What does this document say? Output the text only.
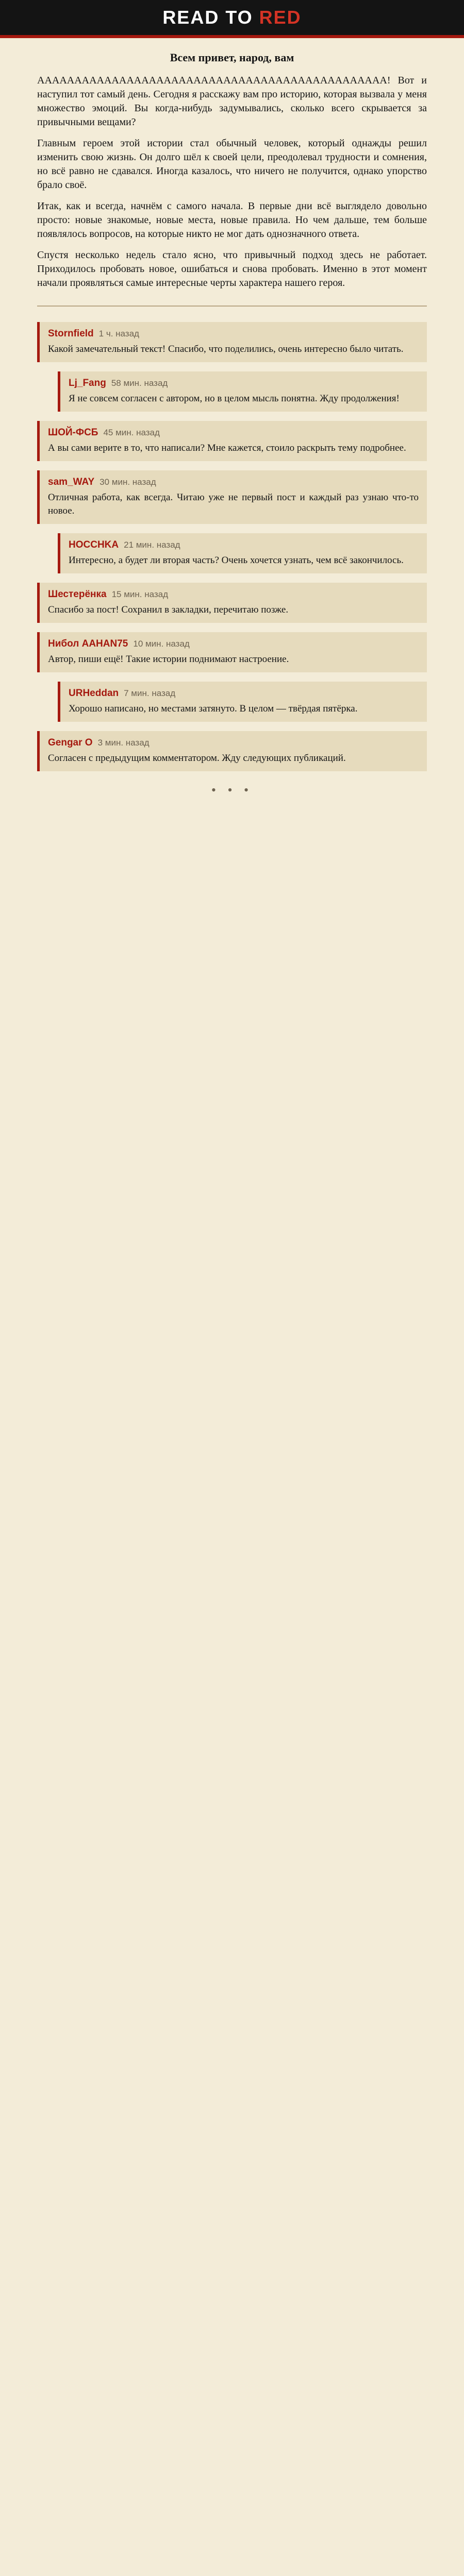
READ TO RED

Всем привет, народ, вам

ААААААААААААААААААААААААААААААААААААААААААААААА! Вот и наступил тот самый день. Сегодня я расскажу вам про историю, которая вызвала у меня множество эмоций. Вы когда-нибудь задумывались, сколько всего скрывается за привычными вещами?

Главным героем этой истории стал обычный человек, который однажды решил изменить свою жизнь. Он долго шёл к своей цели, преодолевал трудности и сомнения, но всё равно не сдавался. Иногда казалось, что ничего не получится, однако упорство брало своё.

Итак, как и всегда, начнём с самого начала. В первые дни всё выглядело довольно просто: новые знакомые, новые места, новые правила. Но чем дальше, тем больше появлялось вопросов, на которые никто не мог дать однозначного ответа.

Спустя несколько недель стало ясно, что привычный подход здесь не работает. Приходилось пробовать новое, ошибаться и снова пробовать. Именно в этот момент начали проявляться самые интересные черты характера нашего героя.

Stornfield 1 ч. назад
Какой замечательный текст! Спасибо, что поделились, очень интересно было читать.
Lj_Fang 58 мин. назад
Я не совсем согласен с автором, но в целом мысль понятна. Жду продолжения!
ШОЙ-ФСБ 45 мин. назад
А вы сами верите в то, что написали? Мне кажется, стоило раскрыть тему подробнее.
sam_WAY 30 мин. назад
Отличная работа, как всегда. Читаю уже не первый пост и каждый раз узнаю что-то новое.
HOCCHKA 21 мин. назад
Интересно, а будет ли вторая часть? Очень хочется узнать, чем всё закончилось.
Шестерёнка 15 мин. назад
Спасибо за пост! Сохранил в закладки, перечитаю позже.
Нибол AAHAN75 10 мин. назад
Автор, пиши ещё! Такие истории поднимают настроение.
URHeddan 7 мин. назад
Хорошо написано, но местами затянуто. В целом — твёрдая пятёрка.
Gengar O 3 мин. назад
Согласен с предыдущим комментатором. Жду следующих публикаций.
• • •
